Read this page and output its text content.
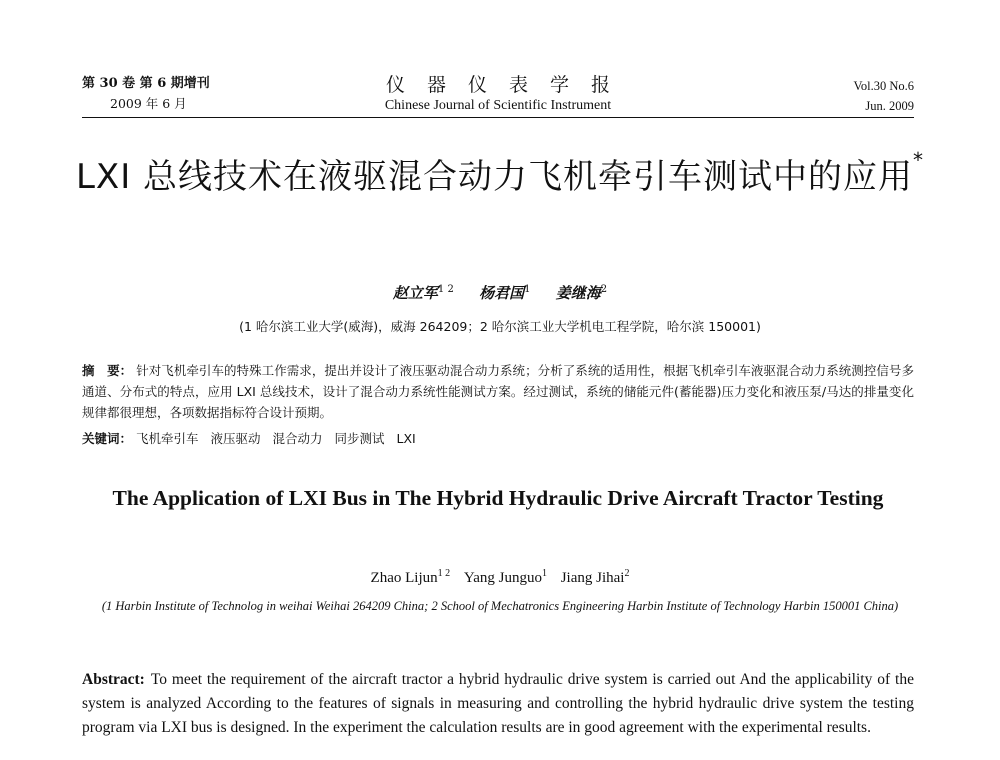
第 30 卷 第 6 期增刊
2009 年 6 月
仪器仪表学报
Chinese Journal of Scientific Instrument
Vol.30 No.6
Jun. 2009
LXI 总线技术在液驱混合动力飞机牵引车测试中的应用*
赵立军$^{1 2}$ 杨君国$^1$ 姜继海$^2$
(1 哈尔滨工业大学(威海)，威海 264209；2 哈尔滨工业大学机电工程学院，哈尔滨 150001)
摘　要： 针对飞机牵引车的特殊工作需求，提出并设计了液压驱动混合动力系统；分析了系统的适用性，根据飞机牵引车液驱混合动力系统测控信号多通道、分布式的特点，应用 LXI 总线技术，设计了混合动力系统性能测试方案。经过测试，系统的储能元件(蓄能器)压力变化和液压泵/马达的排量变化规律都很理想，各项数据指标符合设计预期。
关键词： 飞机牵引车 液压驱动 混合动力 同步测试 LXI
The Application of LXI Bus in The Hybrid Hydraulic Drive Aircraft Tractor Testing
Zhao Lijun$^{1 2}$ Yang Junguo$^1$ Jiang Jihai$^2$
(1 Harbin Institute of Technolog in weihai Weihai 264209 China; 2 School of Mechatronics Engineering Harbin Institute of Technology Harbin 150001 China)
Abstract: To meet the requirement of the aircraft tractor a hybrid hydraulic drive system is carried out And the applicability of the system is analyzed According to the features of signals in measuring and controlling the hybrid hydraulic drive system the testing program via LXI bus is designed. In the experiment the calculation results are in good agreement with the experimental results.
